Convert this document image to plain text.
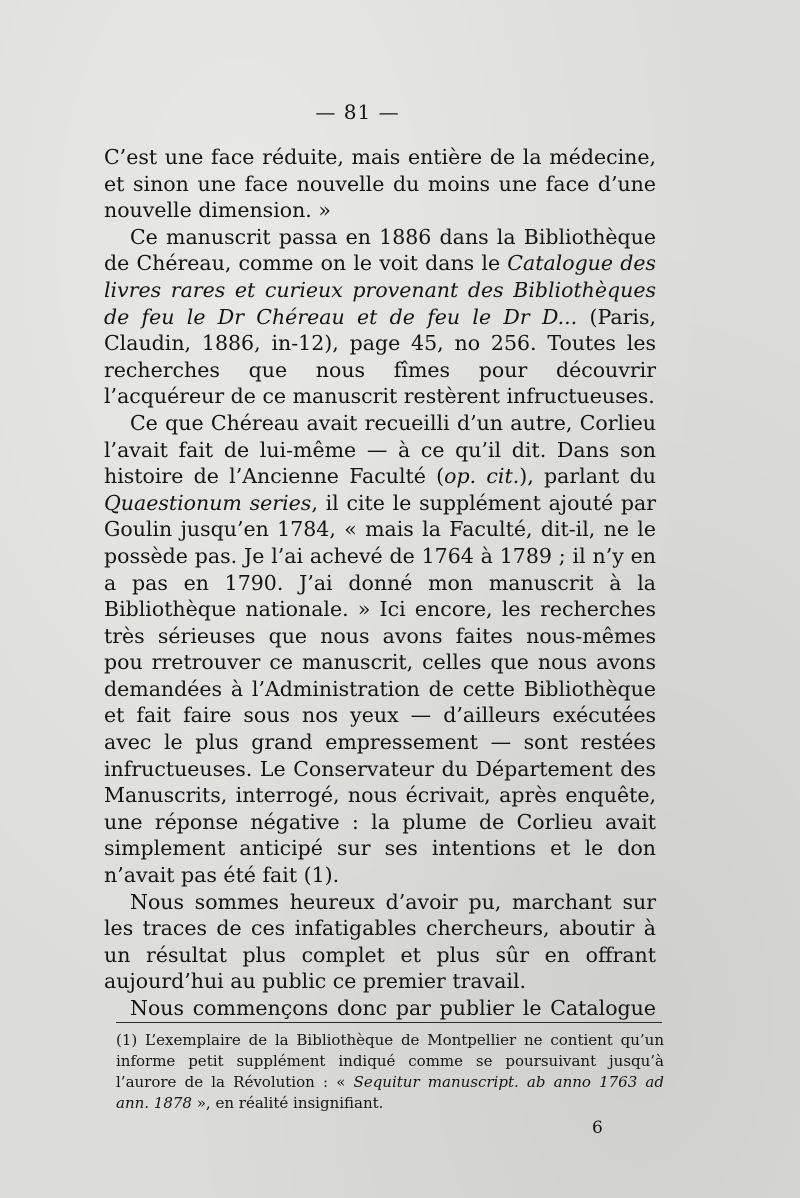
— 81 —

C’est une face réduite, mais entière de la médecine, et sinon une face nouvelle du moins une face d’une nouvelle dimension. »

Ce manuscrit passa en 1886 dans la Bibliothèque de Chéreau, comme on le voit dans le Catalogue des livres rares et curieux provenant des Bibliothèques de feu le Dr Chéreau et de feu le Dr D... (Paris, Claudin, 1886, in-12), page 45, no 256. Toutes les recherches que nous fîmes pour découvrir l’acquéreur de ce manuscrit restèrent infructueuses.

Ce que Chéreau avait recueilli d’un autre, Corlieu l’avait fait de lui-même — à ce qu’il dit. Dans son histoire de l’Ancienne Faculté (op. cit.), parlant du Quaestionum series, il cite le supplément ajouté par Goulin jusqu’en 1784, « mais la Faculté, dit-il, ne le possède pas. Je l’ai achevé de 1764 à 1789 ; il n’y en a pas en 1790. J’ai donné mon manuscrit à la Bibliothèque nationale. » Ici encore, les recherches très sérieuses que nous avons faites nous-mêmes pou rretrouver ce manuscrit, celles que nous avons demandées à l’Administration de cette Bibliothèque et fait faire sous nos yeux — d’ailleurs exécutées avec le plus grand empressement — sont restées infructueuses. Le Conservateur du Département des Manuscrits, interrogé, nous écrivait, après enquête, une réponse négative : la plume de Corlieu avait simplement anticipé sur ses intentions et le don n’avait pas été fait (1).

Nous sommes heureux d’avoir pu, marchant sur les traces de ces infatigables chercheurs, aboutir à un résultat plus complet et plus sûr en offrant aujourd’hui au public ce premier travail.

Nous commençons donc par publier le Catalogue

(1) L’exemplaire de la Bibliothèque de Montpellier ne contient qu’un informe petit supplément indiqué comme se poursuivant jusqu’à l’aurore de la Révolution : « Sequitur manuscript. ab anno 1763 ad ann. 1878 », en réalité insignifiant.

6
